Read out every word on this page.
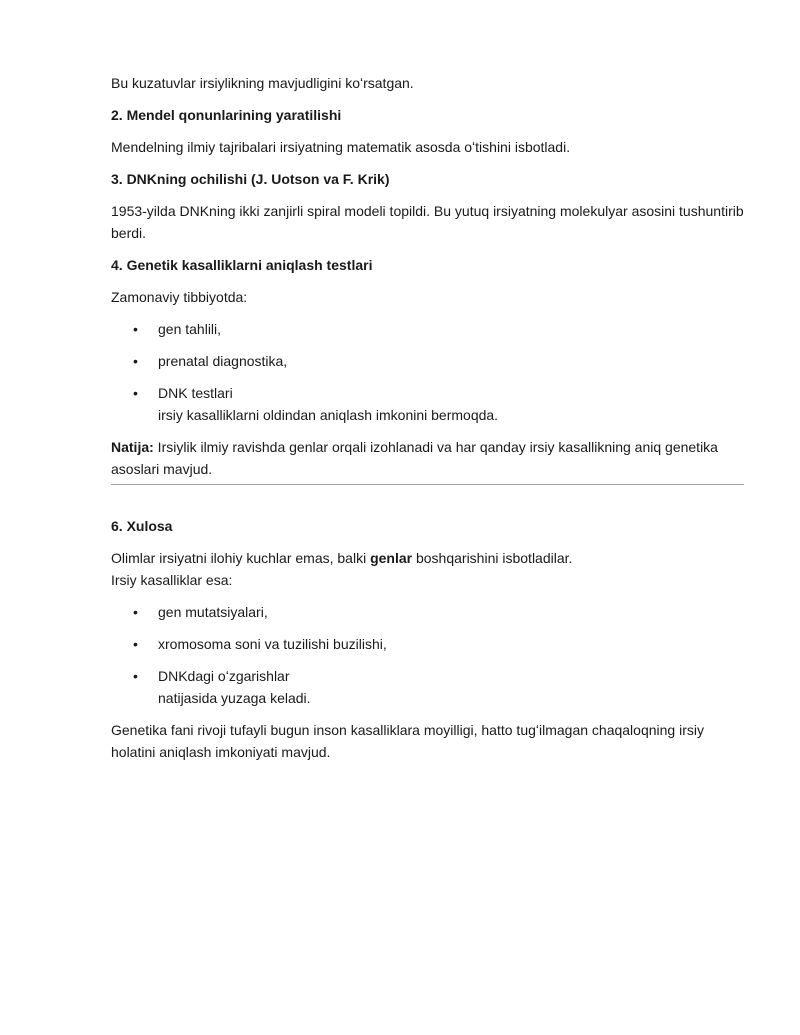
Bu kuzatuvlar irsiylikning mavjudligini koʻrsatgan.

2. Mendel qonunlarining yaratilishi

Mendelning ilmiy tajribalari irsiyatning matematik asosda oʻtishini isbotladi.

3. DNKning ochilishi (J. Uotson va F. Krik)

1953-yilda DNKning ikki zanjirli spiral modeli topildi. Bu yutuq irsiyatning molekulyar asosini tushuntirib berdi.

4. Genetik kasalliklarni aniqlash testlari

Zamonaviy tibbiyotda:

• gen tahlili,
• prenatal diagnostika,
• DNK testlari
irsiy kasalliklarni oldindan aniqlash imkonini bermoqda.

Natija: Irsiylik ilmiy ravishda genlar orqali izohlanadi va har qanday irsiy kasallikning aniq genetika asoslari mavjud.

6. Xulosa

Olimlar irsiyatni ilohiy kuchlar emas, balki genlar boshqarishini isbotladilar.
Irsiy kasalliklar esa:

• gen mutatsiyalari,
• xromosoma soni va tuzilishi buzilishi,
• DNKdagi oʻzgarishlar
natijasida yuzaga keladi.

Genetika fani rivoji tufayli bugun inson kasalliklara moyilligi, hatto tugʻilmagan chaqaloqning irsiy holatini aniqlash imkoniyati mavjud.
